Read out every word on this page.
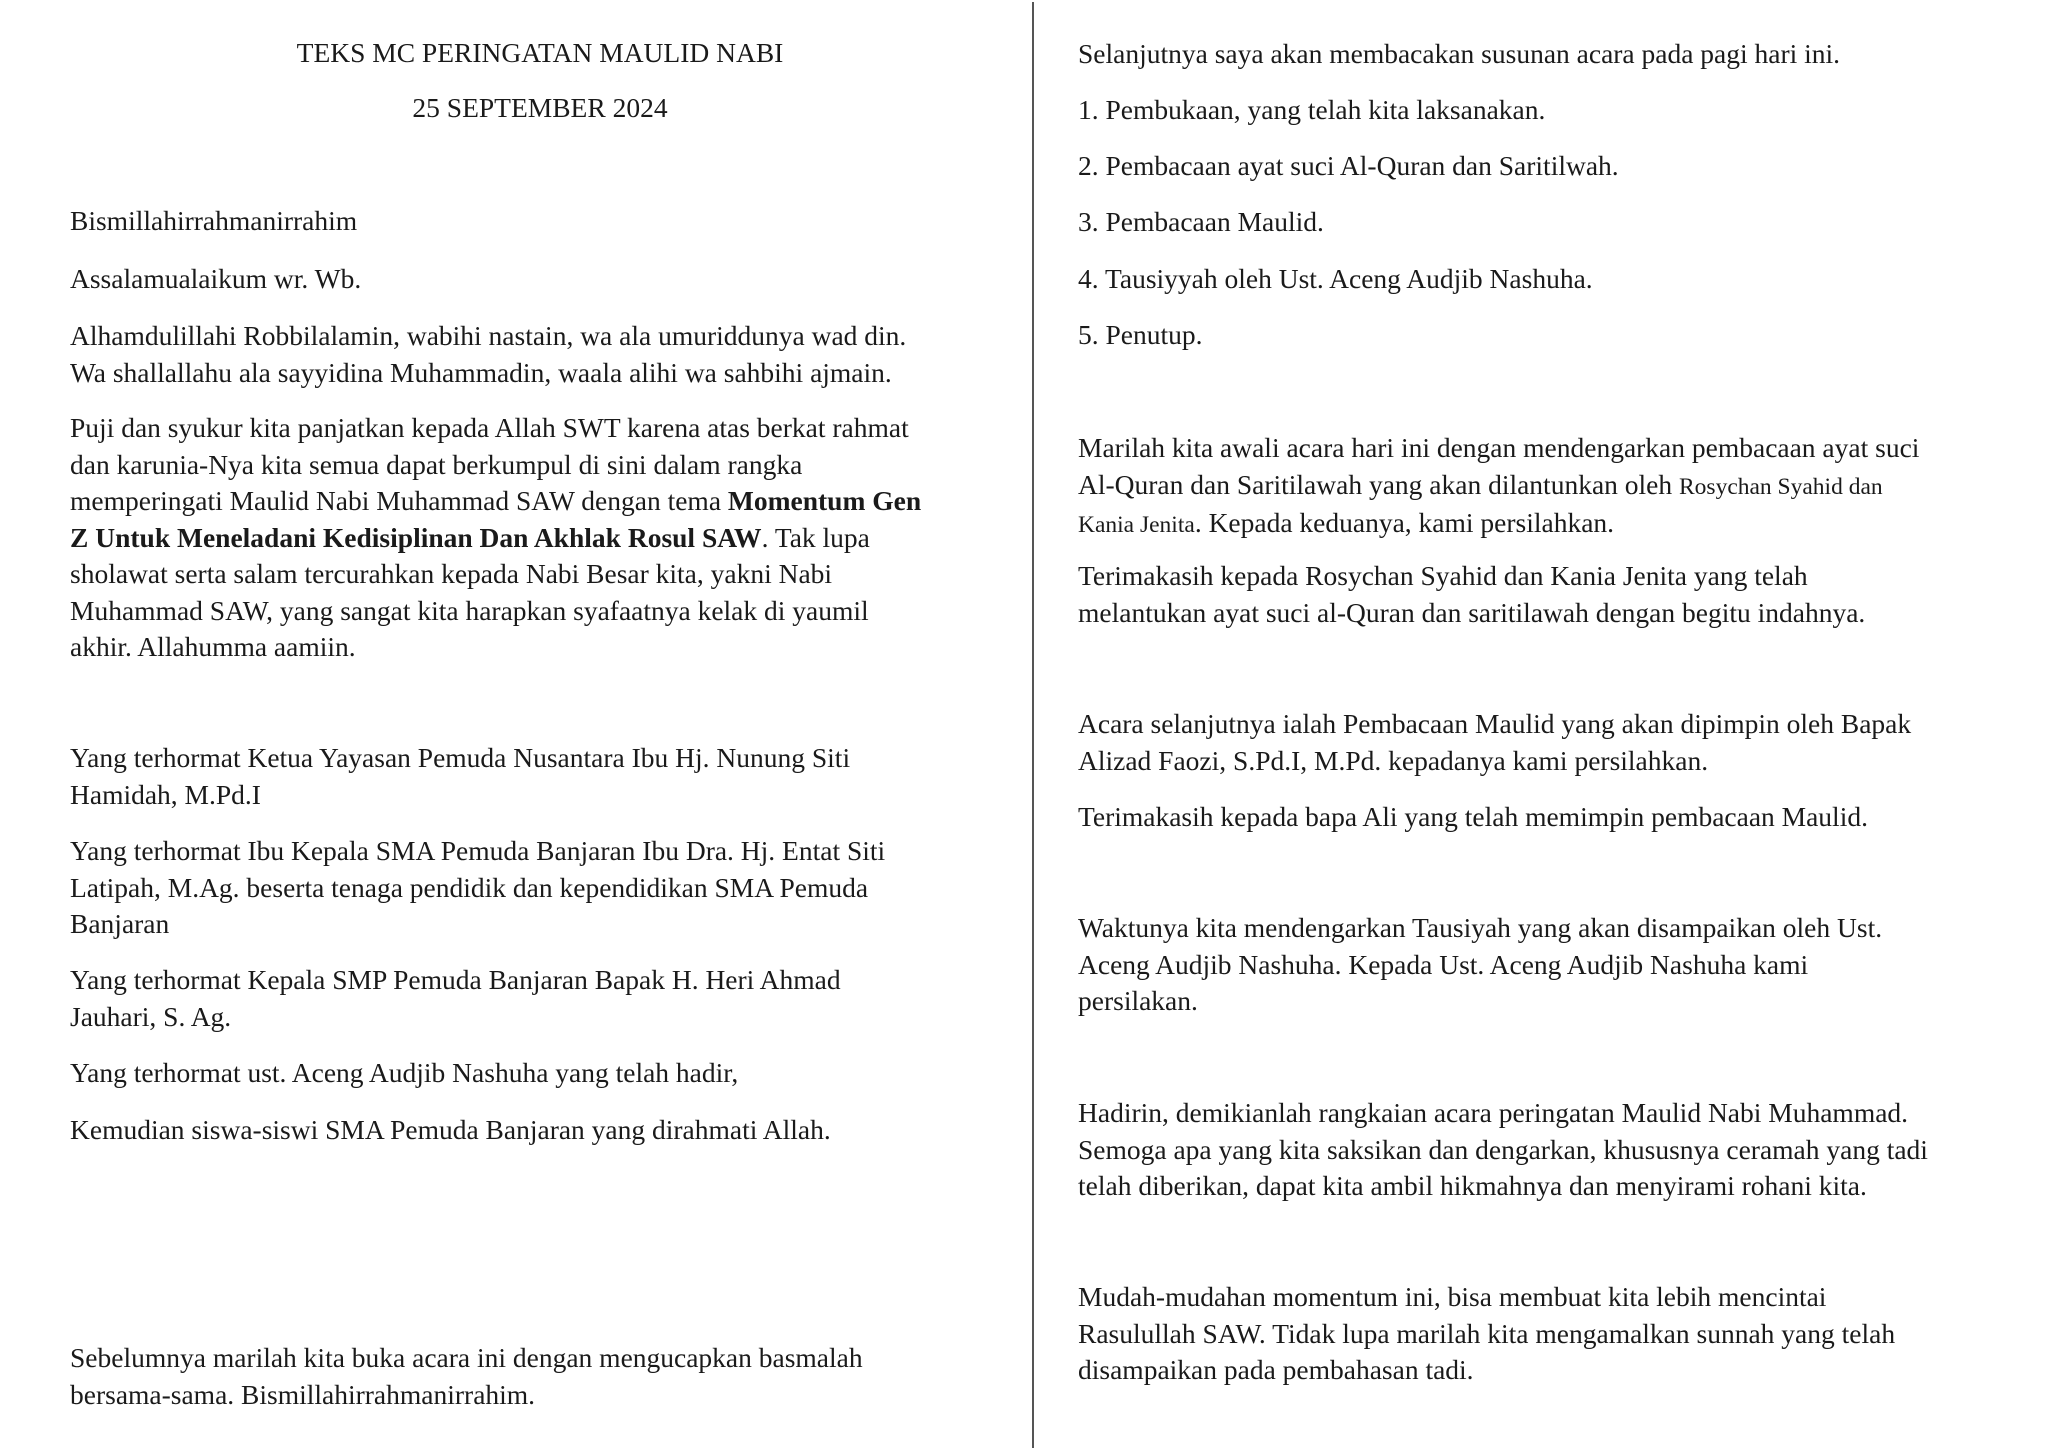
TEKS MC PERINGATAN MAULID NABI
25 SEPTEMBER 2024
Bismillahirrahmanirrahim
Assalamualaikum wr. Wb.
Alhamdulillahi Robbilalamin, wabihi nastain, wa ala umuriddunya wad din.
Wa shallallahu ala sayyidina Muhammadin, waala alihi wa sahbihi ajmain.
Puji dan syukur kita panjatkan kepada Allah SWT karena atas berkat rahmat
dan karunia-Nya kita semua dapat berkumpul di sini dalam rangka
memperingati Maulid Nabi Muhammad SAW dengan tema Momentum Gen
Z Untuk Meneladani Kedisiplinan Dan Akhlak Rosul SAW. Tak lupa
sholawat serta salam tercurahkan kepada Nabi Besar kita, yakni Nabi
Muhammad SAW, yang sangat kita harapkan syafaatnya kelak di yaumil
akhir. Allahumma aamiin.
Yang terhormat Ketua Yayasan Pemuda Nusantara Ibu Hj. Nunung Siti
Hamidah, M.Pd.I
Yang terhormat Ibu Kepala SMA Pemuda Banjaran Ibu Dra. Hj. Entat Siti
Latipah, M.Ag. beserta tenaga pendidik dan kependidikan SMA Pemuda
Banjaran
Yang terhormat Kepala SMP Pemuda Banjaran Bapak H. Heri Ahmad
Jauhari, S. Ag.
Yang terhormat ust. Aceng Audjib Nashuha yang telah hadir,
Kemudian siswa-siswi SMA Pemuda Banjaran yang dirahmati Allah.
Sebelumnya marilah kita buka acara ini dengan mengucapkan basmalah
bersama-sama. Bismillahirrahmanirrahim.
Selanjutnya saya akan membacakan susunan acara pada pagi hari ini.
1. Pembukaan, yang telah kita laksanakan.
2. Pembacaan ayat suci Al-Quran dan Saritilwah.
3. Pembacaan Maulid.
4. Tausiyyah oleh Ust. Aceng Audjib Nashuha.
5. Penutup.
Marilah kita awali acara hari ini dengan mendengarkan pembacaan ayat suci
Al-Quran dan Saritilawah yang akan dilantunkan oleh Rosychan Syahid dan
Kania Jenita. Kepada keduanya, kami persilahkan.
Terimakasih kepada Rosychan Syahid dan Kania Jenita yang telah
melantukan ayat suci al-Quran dan saritilawah dengan begitu indahnya.
Acara selanjutnya ialah Pembacaan Maulid yang akan dipimpin oleh Bapak
Alizad Faozi, S.Pd.I, M.Pd. kepadanya kami persilahkan.
Terimakasih kepada bapa Ali yang telah memimpin pembacaan Maulid.
Waktunya kita mendengarkan Tausiyah yang akan disampaikan oleh Ust.
Aceng Audjib Nashuha. Kepada Ust. Aceng Audjib Nashuha kami
persilakan.
Hadirin, demikianlah rangkaian acara peringatan Maulid Nabi Muhammad.
Semoga apa yang kita saksikan dan dengarkan, khususnya ceramah yang tadi
telah diberikan, dapat kita ambil hikmahnya dan menyirami rohani kita.
Mudah-mudahan momentum ini, bisa membuat kita lebih mencintai
Rasulullah SAW. Tidak lupa marilah kita mengamalkan sunnah yang telah
disampaikan pada pembahasan tadi.
